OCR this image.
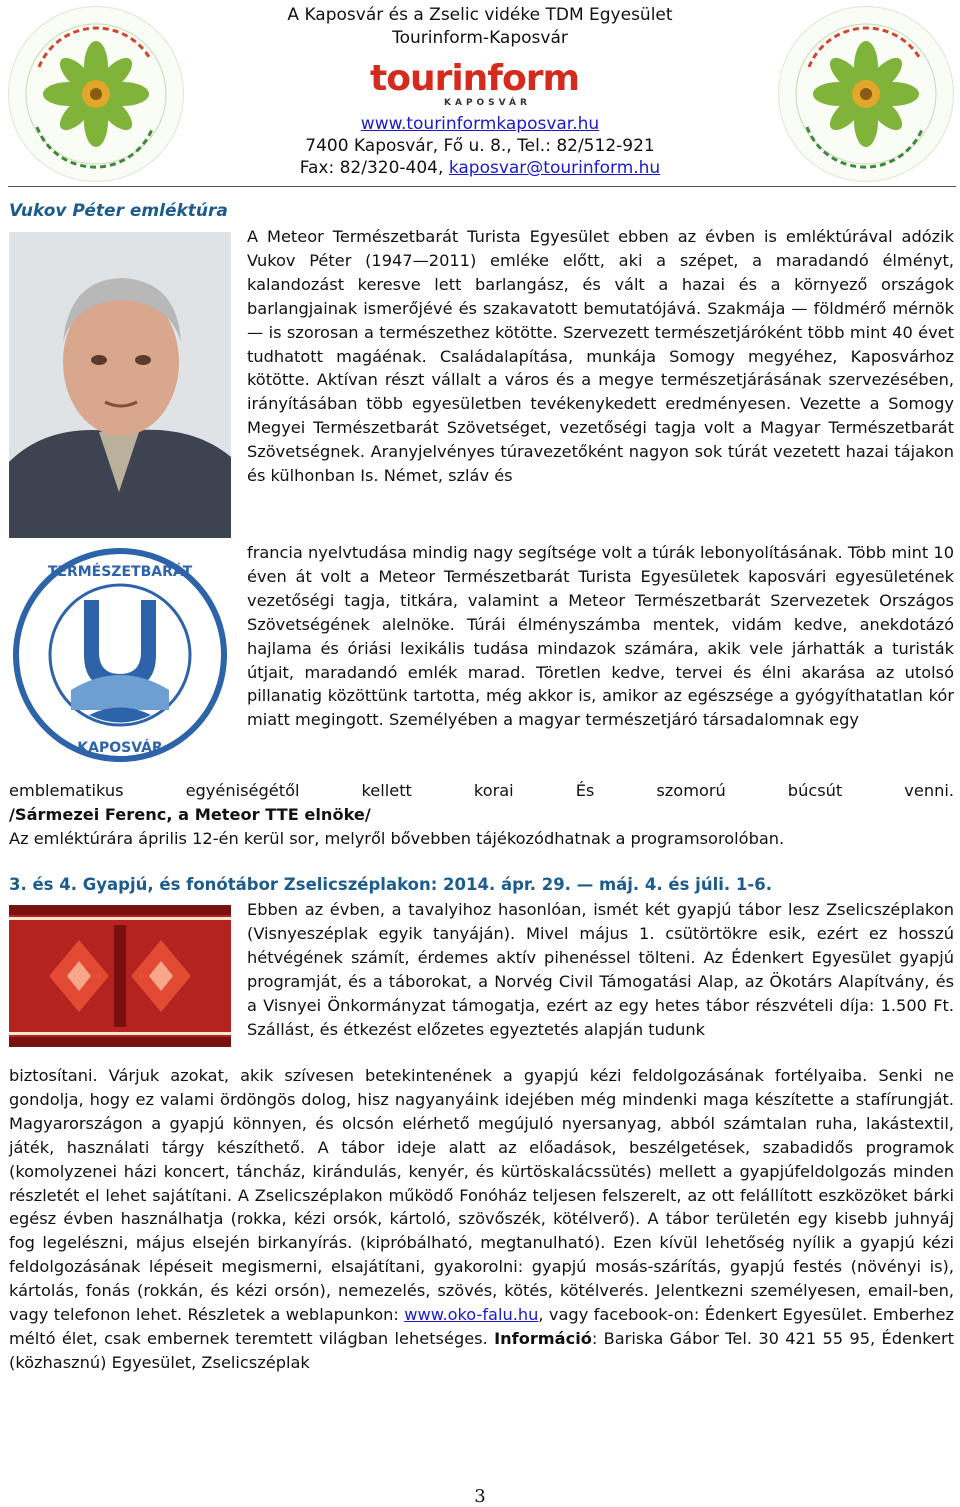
A Kaposvár és a Zselic vidéke TDM Egyesület
Tourinform-Kaposvár
tourinform
KAPOSVÁR
www.tourinformkaposvar.hu
7400 Kaposvár, Fő u. 8., Tel.: 82/512-921
Fax: 82/320-404, kaposvar@tourinform.hu
Vukov Péter emléktúra
TERMÉSZETBARÁT
KAPOSVÁR
A Meteor Természetbarát Turista Egyesület ebben az évben is emléktúrával adózik Vukov Péter (1947—2011) emléke előtt, aki a szépet, a maradandó élményt, kalandozást keresve lett barlangász, és vált a hazai és a környező országok barlangjainak ismerőjévé és szakavatott bemutatójává. Szakmája — földmérő mérnök — is szorosan a természethez kötötte. Szervezett természetjáróként több mint 40 évet tudhatott magáénak. Családalapítása, munkája Somogy megyéhez, Kaposvárhoz kötötte. Aktívan részt vállalt a város és a megye természetjárásának szervezésében, irányításában több egyesületben tevékenykedett eredményesen. Vezette a Somogy Megyei Természetbarát Szövetséget, vezetőségi tagja volt a Magyar Természetbarát Szövetségnek. Aranyjelvényes túravezetőként nagyon sok túrát vezetett hazai tájakon és külhonban Is. Német, szláv és
francia nyelvtudása mindig nagy segítsége volt a túrák lebonyolításának. Több mint 10 éven át volt a Meteor Természetbarát Turista Egyesületek kaposvári egyesületének vezetőségi tagja, titkára, valamint a Meteor Természetbarát Szervezetek Országos Szövetségének alelnöke. Túrái élményszámba mentek, vidám kedve, anekdotázó hajlama és óriási lexikális tudása mindazok számára, akik vele járhatták a turisták útjait, maradandó emlék marad. Töretlen kedve, tervei és élni akarása az utolsó pillanatig közöttünk tartotta, még akkor is, amikor az egészsége a gyógyíthatatlan kór miatt megingott. Személyében a magyar természetjáró társadalomnak egy
emblematikus egyéniségétől kellett korai És szomorú búcsút venni.
/Sármezei Ferenc, a Meteor TTE elnöke/
Az emléktúrára április 12-én kerül sor, melyről bővebben tájékozódhatnak a programsorolóban.
3. és 4. Gyapjú, és fonótábor Zselicszéplakon: 2014. ápr. 29. — máj. 4. és júli. 1-6.
Ebben az évben, a tavalyihoz hasonlóan, ismét két gyapjú tábor lesz Zselicszéplakon (Visnyeszéplak egyik tanyáján). Mivel május 1. csütörtökre esik, ezért ez hosszú hétvégének számít, érdemes aktív pihenéssel tölteni. Az Édenkert Egyesület gyapjú programját, és a táborokat, a Norvég Civil Támogatási Alap, az Ökotárs Alapítvány, és a Visnyei Önkormányzat támogatja, ezért az egy hetes tábor részvételi díja: 1.500 Ft. Szállást, és étkezést előzetes egyeztetés alapján tudunk
biztosítani. Várjuk azokat, akik szívesen betekintenének a gyapjú kézi feldolgozásának fortélyaiba. Senki ne gondolja, hogy ez valami ördöngös dolog, hisz nagyanyáink idejében még mindenki maga készítette a stafírungját. Magyarországon a gyapjú könnyen, és olcsón elérhető megújuló nyersanyag, abból számtalan ruha, lakástextil, játék, használati tárgy készíthető. A tábor ideje alatt az előadások, beszélgetések, szabadidős programok (komolyzenei házi koncert, táncház, kirándulás, kenyér, és kürtöskalácssütés) mellett a gyapjúfeldolgozás minden részletét el lehet sajátítani. A Zselicszéplakon működő Fonóház teljesen felszerelt, az ott felállított eszközöket bárki egész évben használhatja (rokka, kézi orsók, kártoló, szövőszék, kötélverő). A tábor területén egy kisebb juhnyáj fog legelészni, május elsején birkanyírás. (kipróbálható, megtanulható). Ezen kívül lehetőség nyílik a gyapjú kézi feldolgozásának lépéseit megismerni, elsajátítani, gyakorolni: gyapjú mosás-szárítás, gyapjú festés (növényi is), kártolás, fonás (rokkán, és kézi orsón), nemezelés, szövés, kötés, kötélverés. Jelentkezni személyesen, email-ben, vagy telefonon lehet. Részletek a weblapunkon: www.oko-falu.hu, vagy facebook-on: Édenkert Egyesület. Emberhez méltó élet, csak embernek teremtett világban lehetséges. Információ: Bariska Gábor Tel. 30 421 55 95, Édenkert (közhasznú) Egyesület, Zselicszéplak
3
